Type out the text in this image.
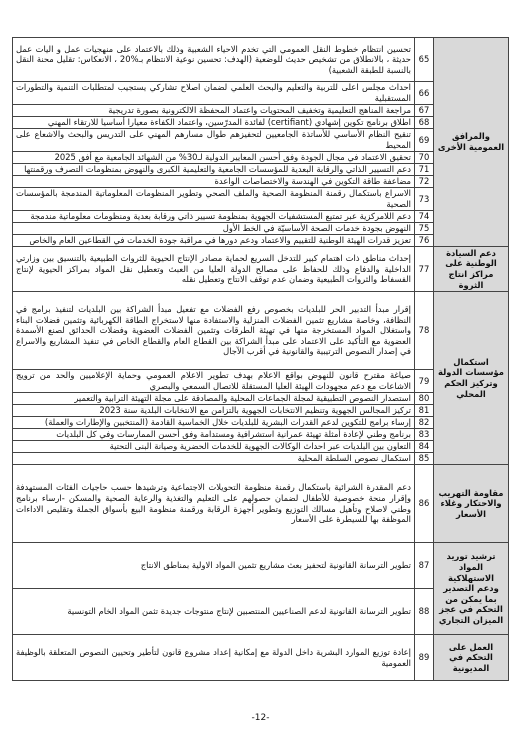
والمرافق العمومية الأخرى	65	تحسين انتظام خطوط النقل العمومي التي تخدم الاحياء الشعبية وذلك بالاعتماد على منهجيات عمل و اليات عمل حديثة ، بالانطلاق من تشخيص حديث للوضعية (الهدف: تحسين نوعية الانتظام بـ%20 ، الانعكاس: تقليل محنة النقل بالنسبة للطبقة الشعبية)
	66	احداث مجلس اعلى للتربية والتعليم والبحث العلمي لضمان اصلاح تشاركي يستجيب لمتطلبات التنمية والتطورات المستقبلية
	67	مراجعة المناهج التعليمية وتخفيف المحتويات واعتماد المحفظة الالكترونية بصورة تدريجية
	68	اطلاق برنامج تكوين إشهادي (certifiant) لفائدة المدرّسين، واعتماد الكفاءة معيارا أساسيا للارتقاء المهني
	69	تنقيح النظام الأساسي للأساتذة الجامعيين لتحفيزهم طوال مسارهم المهني على التدريس والبحث والاشعاع على المحيط
	70	تحقيق الاعتماد في مجال الجودة وفق أحسن المعايير الدولية لـ30% من الشهائد الجامعية مع أفق 2025
	71	دعم التسيير الذاتي والرقابة البعدية للمؤسسات الجامعية والتعليمية الكبرى والنهوض بمنظومات التصرف ورقمنتها
	72	مضاعفة طاقة التكوين في الهندسة والاختصاصات الواعدة
	73	الاسراع باستكمال رقمنة المنظومة الصحية والملف الصحي وتطوير المنظومات المعلوماتية المندمجة بالمؤسسات الصحية
	74	دعم اللامركزية عبر تمتيع المستشفيات الجهوية بمنظومة تسيير ذاتي ورقابة بعدية ومنظومات معلوماتية مندمجة
	75	النهوض بجودة خدمات الصحة الأساسيّة في الخط الأول
	76	تعزيز قدرات الهيئة الوطنية للتقييم والاعتماد ودعم دورها في مراقبة جودة الخدمات في القطاعين العام والخاص
دعم السيادة الوطنية على مراكز انتاج الثروة	77	إحداث مناطق ذات اهتمام كبير للتدخل السريع لحماية مصادر الإنتاج الحيوية للثروات الطبيعية بالتنسيق بين وزارتي الداخلية والدفاع وذلك للحفاظ على مصالح الدولة العليا من العبث وتعطيل نقل المواد بمراكز الحيوية لإنتاج الفسفاط والثروات الطبيعية وضمان عدم توقف الانتاج وتعطيل نقله
استكمال مؤسسات الدولة وتركيز الحكم المحلي	78	إقرار مبدأ التدبير الحر للبلديات بخصوص رفع الفضلات مع تفعيل مبدأ الشراكة بين البلديات لتنفيذ برامج في النظافة، وخاصة مشاريع تثمين الفضلات المنزلية والاستفادة منها لاستخراج الطاقة الكهربائية وتثمين فضلات البناء واستغلال المواد المستخرجة منها في تهيئة الطرقات وتثمين الفضلات العضوية وفضلات الحدائق لصنع الأسمدة العضوية مع التأكيد على الاعتماد على مبدأ الشراكة بين القطاع العام والقطاع الخاص في تنفيذ المشاريع والاسراع في إصدار النصوص الترتيبية والقانونية في أقرب الآجال
	79	صياغة مقترح قانون للنهوض بواقع الاعلام بهدف تطوير الاعلام العمومي وحماية الإعلاميين والحد من ترويج الاشاعات مع دعم مجهودات الهيئة العليا المستقلة للاتصال السمعي والبصري
	80	استصدار النصوص التطبيقية لمجلة الجماعات المحلية والمصادقة على مجلة التهيئة الترابية والتعمير
	81	تركيز المجالس الجهوية وتنظيم الانتخابات الجهوية بالتزامن مع الانتخابات البلدية سنة 2023
	82	إرساء برامج للتكوين لدعم القدرات البشرية للبلديات خلال الخماسية القادمة (المنتخبين والإطارات والعملة)
	83	برنامج وطني لإعادة أمثلة تهيئة عمرانية استشرافية ومستدامة وفق أحسن الممارسات وفي كل البلديات
	84	التعاون بين البلديات عبر احداث الوكالات الجهوية للخدمات الحضرية وصيانة البنى التحتية
	85	استكمال نصوص السلطة المحلية
مقاومة التهريب والاحتكار وغلاء الأسعار	86	دعم المقدرة الشرائية باستكمال رقمنة منظومة التحويلات الاجتماعية وترشيدها حسب حاجيات الفئات المستهدفة وإقرار منحة خصوصية للأطفال لضمان حصولهم على التعليم والتغذية والرعاية الصحية والمسكن -ارساء برنامج وطني لاصلاح وتأهيل مسالك التوزيع وتطوير أجهزة الرقابة ورقمنة منظومة البيع بأسواق الجملة وتقليص الاداءات الموظفة بها للسيطرة على الأسعار
ترشيد توريد المواد الاستهلاكية ودعم التصدير بما يمكن من التحكم في عجز الميزان التجاري	87	تطوير الترسانة القانونية لتحفيز بعث مشاريع تثمين المواد الاولية بمناطق الانتاج
	88	تطوير الترسانة القانونية لدعم الصناعيين المنتصبين لإنتاج منتوجات جديدة تثمن المواد الخام التونسية
العمل على التحكم في المديونية	89	إعادة توزيع الموارد البشرية داخل الدولة مع إمكانية إعداد مشروع قانون لتأطير وتحيين النصوص المتعلقة بالوظيفة العمومية
-12-
